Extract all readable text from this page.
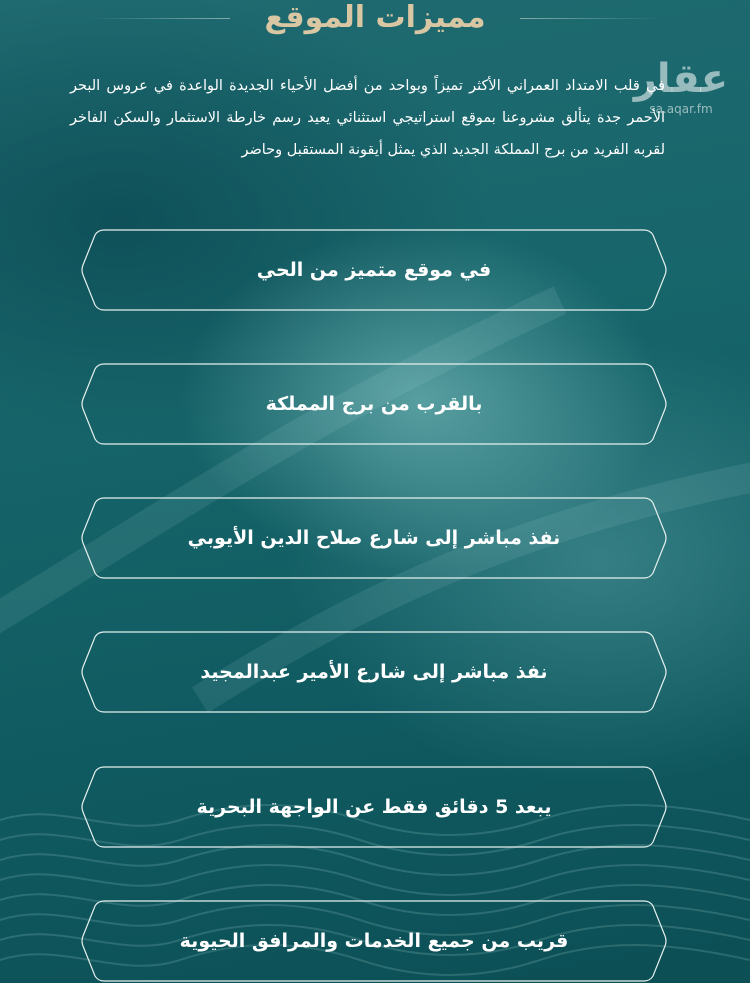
مميزات الموقع
عقار
sa.aqar.fm
في قلب الامتداد العمراني الأكثر تميزاً وبواحد من أفضل الأحياء الجديدة الواعدة في عروس البحر الأحمر جدة يتألق مشروعنا بموقع استراتيجي استثنائي يعيد رسم خارطة الاستثمار والسكن الفاخر لقربه الفريد من برج المملكة الجديد الذي يمثل أيقونة المستقبل وحاضر
في موقع متميز من الحي
بالقرب من برج المملكة
نفذ مباشر إلى شارع صلاح الدين الأيوبي
نفذ مباشر إلى شارع الأمير عبدالمجيد
يبعد 5 دقائق فقط عن الواجهة البحرية
قريب من جميع الخدمات والمرافق الحيوية
